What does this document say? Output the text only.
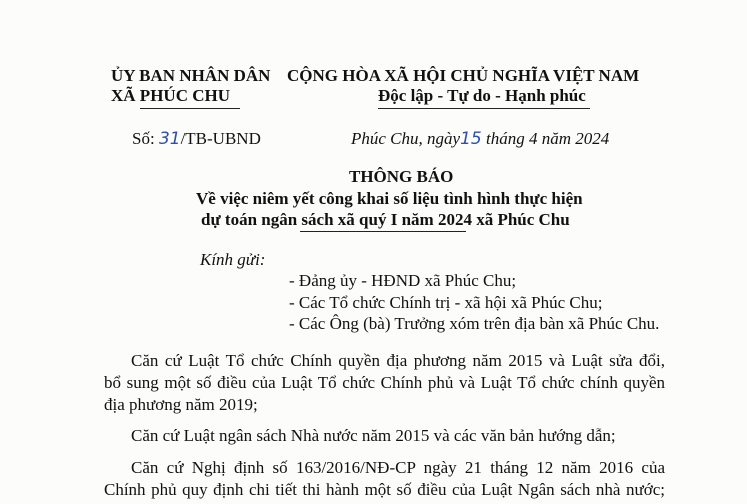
ỦY BAN NHÂN DÂN
XÃ PHÚC CHU
CỘNG HÒA XÃ HỘI CHỦ NGHĨA VIỆT NAM
Độc lập - Tự do - Hạnh phúc
Số: 31/TB-UBND	Phúc Chu, ngày15 tháng 4 năm 2024
THÔNG BÁO
Về việc niêm yết công khai số liệu tình hình thực hiện
dự toán ngân sách xã quý I năm 2024 xã Phúc Chu
Kính gửi:
- Đảng ủy - HĐND xã Phúc Chu;
- Các Tổ chức Chính trị - xã hội xã Phúc Chu;
- Các Ông (bà) Trưởng xóm trên địa bàn xã Phúc Chu.
Căn cứ Luật Tổ chức Chính quyền địa phương năm 2015 và Luật sửa đổi,
bổ sung một số điều của Luật Tổ chức Chính phủ và Luật Tổ chức chính quyền
địa phương năm 2019;
Căn cứ Luật ngân sách Nhà nước năm 2015 và các văn bản hướng dẫn;
Căn cứ Nghị định số 163/2016/NĐ-CP ngày 21 tháng 12 năm 2016 của
Chính phủ quy định chi tiết thi hành một số điều của Luật Ngân sách nhà nước;
